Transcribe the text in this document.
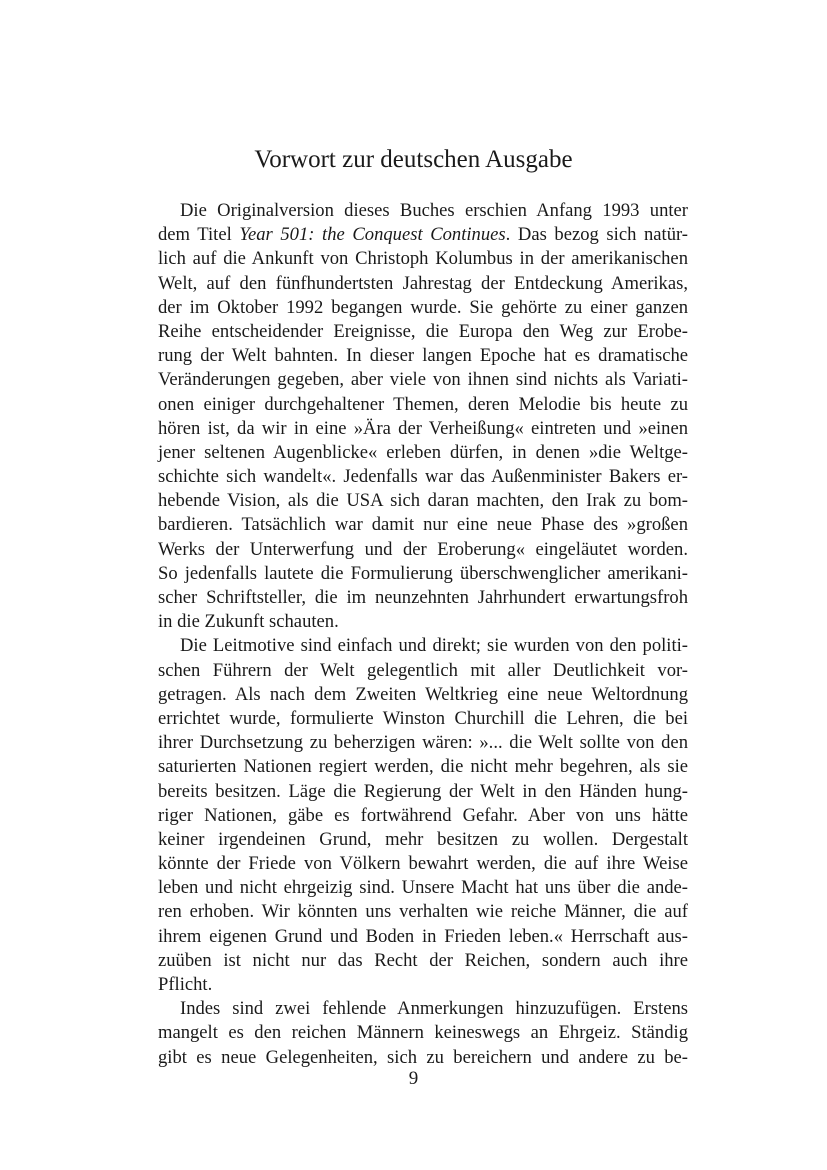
Vorwort zur deutschen Ausgabe
Die Originalversion dieses Buches erschien Anfang 1993 unter
dem Titel Year 501: the Conquest Continues. Das bezog sich natür-
lich auf die Ankunft von Christoph Kolumbus in der amerikanischen
Welt, auf den fünfhundertsten Jahrestag der Entdeckung Amerikas,
der im Oktober 1992 begangen wurde. Sie gehörte zu einer ganzen
Reihe entscheidender Ereignisse, die Europa den Weg zur Erobe-
rung der Welt bahnten. In dieser langen Epoche hat es dramatische
Veränderungen gegeben, aber viele von ihnen sind nichts als Variati-
onen einiger durchgehaltener Themen, deren Melodie bis heute zu
hören ist, da wir in eine »Ära der Verheißung« eintreten und »einen
jener seltenen Augenblicke« erleben dürfen, in denen »die Weltge-
schichte sich wandelt«. Jedenfalls war das Außenminister Bakers er-
hebende Vision, als die USA sich daran machten, den Irak zu bom-
bardieren. Tatsächlich war damit nur eine neue Phase des »großen
Werks der Unterwerfung und der Eroberung« eingeläutet worden.
So jedenfalls lautete die Formulierung überschwenglicher amerikani-
scher Schriftsteller, die im neunzehnten Jahrhundert erwartungsfroh
in die Zukunft schauten.
Die Leitmotive sind einfach und direkt; sie wurden von den politi-
schen Führern der Welt gelegentlich mit aller Deutlichkeit vor-
getragen. Als nach dem Zweiten Weltkrieg eine neue Weltordnung
errichtet wurde, formulierte Winston Churchill die Lehren, die bei
ihrer Durchsetzung zu beherzigen wären: »... die Welt sollte von den
saturierten Nationen regiert werden, die nicht mehr begehren, als sie
bereits besitzen. Läge die Regierung der Welt in den Händen hung-
riger Nationen, gäbe es fortwährend Gefahr. Aber von uns hätte
keiner irgendeinen Grund, mehr besitzen zu wollen. Dergestalt
könnte der Friede von Völkern bewahrt werden, die auf ihre Weise
leben und nicht ehrgeizig sind. Unsere Macht hat uns über die ande-
ren erhoben. Wir könnten uns verhalten wie reiche Männer, die auf
ihrem eigenen Grund und Boden in Frieden leben.« Herrschaft aus-
zuüben ist nicht nur das Recht der Reichen, sondern auch ihre
Pflicht.
Indes sind zwei fehlende Anmerkungen hinzuzufügen. Erstens
mangelt es den reichen Männern keineswegs an Ehrgeiz. Ständig
gibt es neue Gelegenheiten, sich zu bereichern und andere zu be-
9
